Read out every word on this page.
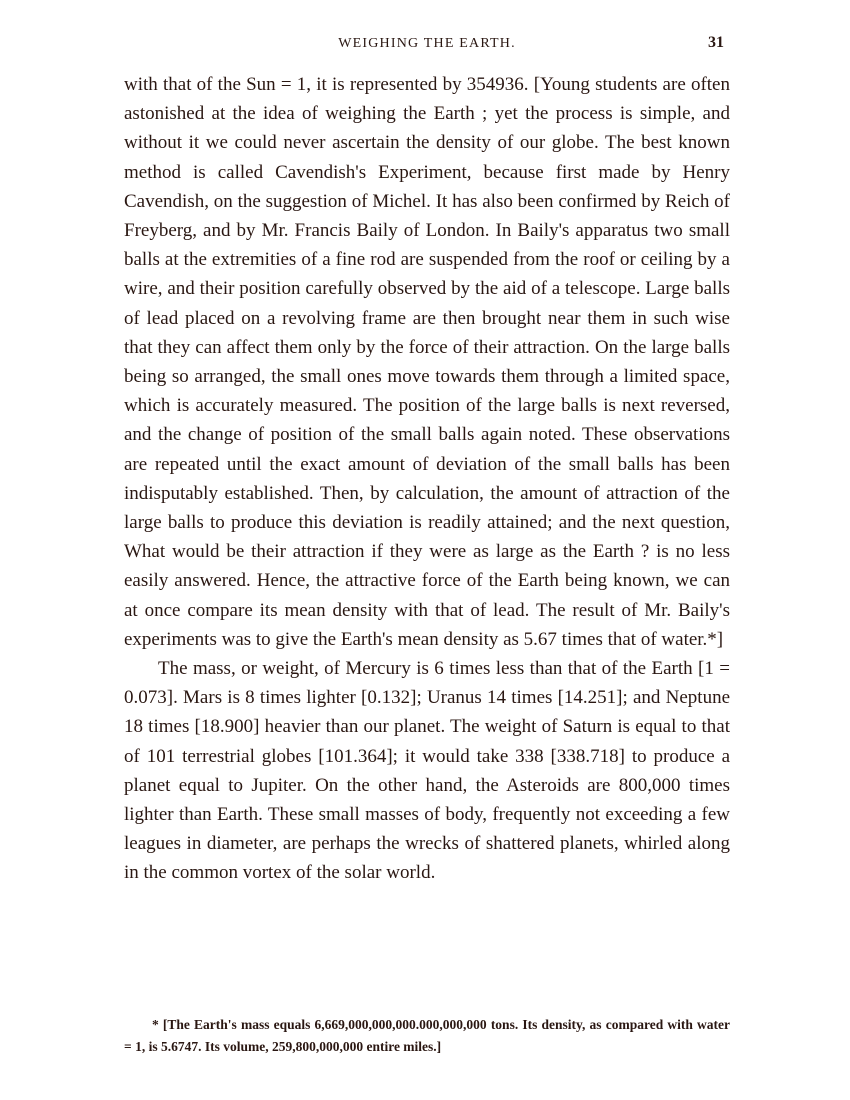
WEIGHING THE EARTH.	31

with that of the Sun = 1, it is represented by 354936. [Young students are often astonished at the idea of weighing the Earth ; yet the process is simple, and without it we could never ascertain the density of our globe. The best known method is called Cavendish's Experiment, because first made by Henry Cavendish, on the suggestion of Michel. It has also been confirmed by Reich of Freyberg, and by Mr. Francis Baily of London. In Baily's apparatus two small balls at the extremities of a fine rod are suspended from the roof or ceiling by a wire, and their position carefully observed by the aid of a telescope. Large balls of lead placed on a revolving frame are then brought near them in such wise that they can affect them only by the force of their attraction. On the large balls being so arranged, the small ones move towards them through a limited space, which is accurately measured. The position of the large balls is next reversed, and the change of position of the small balls again noted. These observations are repeated until the exact amount of deviation of the small balls has been indisputably established. Then, by calculation, the amount of attraction of the large balls to produce this deviation is readily attained; and the next question, What would be their attraction if they were as large as the Earth ? is no less easily answered. Hence, the attractive force of the Earth being known, we can at once compare its mean density with that of lead. The result of Mr. Baily's experiments was to give the Earth's mean density as 5.67 times that of water.*]

The mass, or weight, of Mercury is 6 times less than that of the Earth [1 = 0.073]. Mars is 8 times lighter [0.132]; Uranus 14 times [14.251]; and Neptune 18 times [18.900] heavier than our planet. The weight of Saturn is equal to that of 101 terrestrial globes [101.364]; it would take 338 [338.718] to produce a planet equal to Jupiter. On the other hand, the Asteroids are 800,000 times lighter than Earth. These small masses of body, frequently not exceeding a few leagues in diameter, are perhaps the wrecks of shattered planets, whirled along in the common vortex of the solar world.

* [The Earth's mass equals 6,669,000,000,000.000,000,000 tons. Its density, as compared with water = 1, is 5.6747. Its volume, 259,800,000,000 entire miles.]
